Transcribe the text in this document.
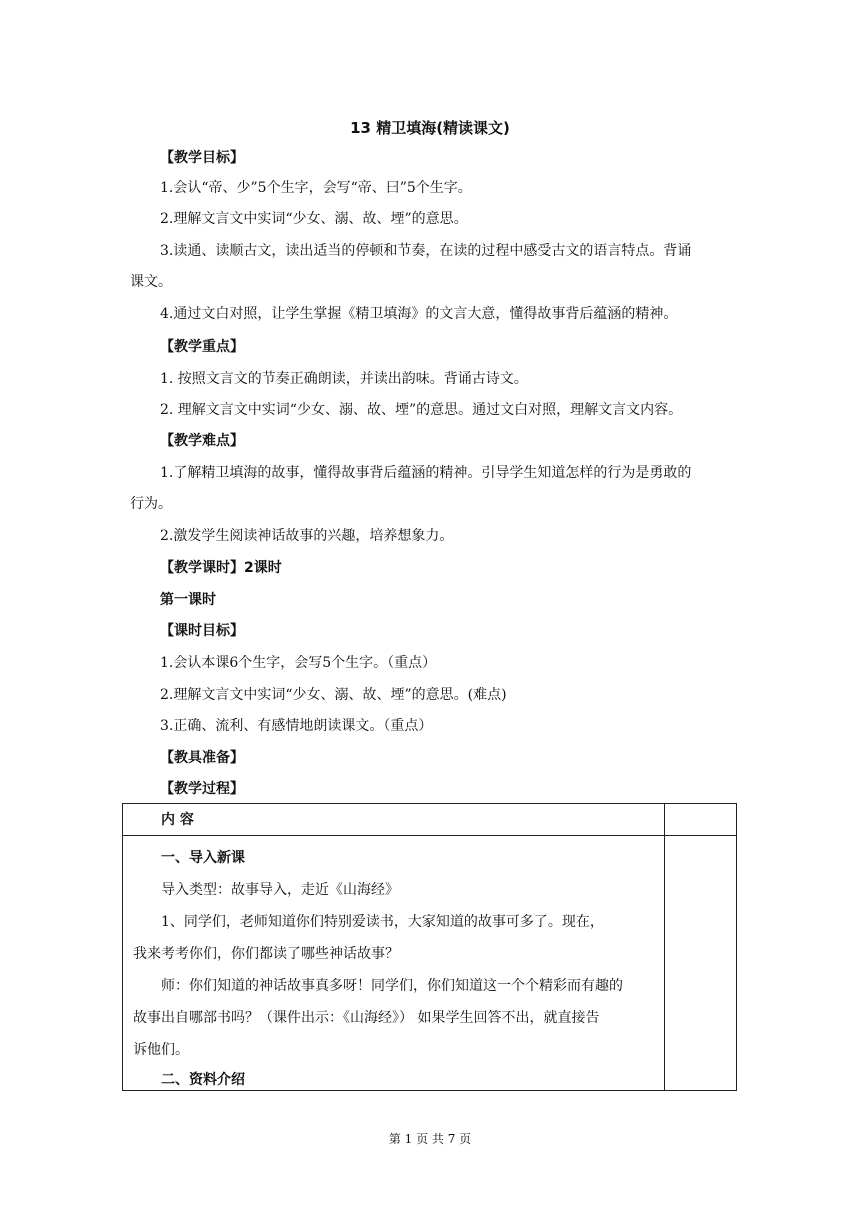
13 精卫填海(精读课文)
【教学目标】
1.会认“帝、少”5个生字，会写“帝、曰”5个生字。
2.理解文言文中实词“少女、溺、故、堙”的意思。
3.读通、读顺古文，读出适当的停顿和节奏，在读的过程中感受古文的语言特点。背诵
课文。
4.通过文白对照，让学生掌握《精卫填海》的文言大意，懂得故事背后蕴涵的精神。
【教学重点】
1. 按照文言文的节奏正确朗读，并读出韵味。背诵古诗文。
2. 理解文言文中实词“少女、溺、故、堙”的意思。通过文白对照，理解文言文内容。
【教学难点】
1.了解精卫填海的故事，懂得故事背后蕴涵的精神。引导学生知道怎样的行为是勇敢的
行为。
2.激发学生阅读神话故事的兴趣，培养想象力。
【教学课时】2课时
第一课时
【课时目标】
1.会认本课6个生字，会写5个生字。（重点）
2.理解文言文中实词“少女、溺、故、堙”的意思。(难点)
3.正确、流利、有感情地朗读课文。（重点）
【教具准备】
【教学过程】
内 容
一、导入新课
导入类型：故事导入，走近《山海经》
1、同学们，老师知道你们特别爱读书，大家知道的故事可多了。现在，
我来考考你们，你们都读了哪些神话故事？
师：你们知道的神话故事真多呀！同学们，你们知道这一个个精彩而有趣的
故事出自哪部书吗？（课件出示：《山海经》） 如果学生回答不出，就直接告
诉他们。
二、资料介绍
第 1 页 共 7 页
